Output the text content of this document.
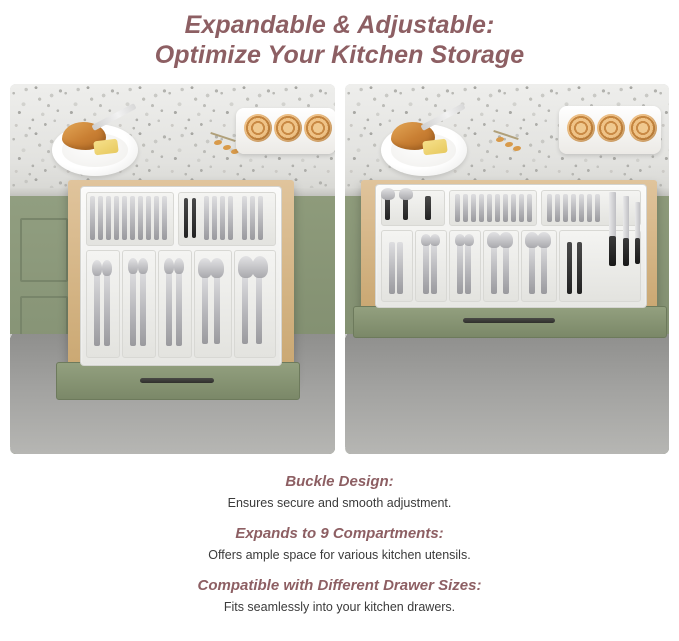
Expandable & Adjustable:
Optimize Your Kitchen Storage
Buckle Design:
Ensures secure and smooth adjustment.
Expands to 9 Compartments:
Offers ample space for various kitchen utensils.
Compatible with Different Drawer Sizes:
Fits seamlessly into your kitchen drawers.
